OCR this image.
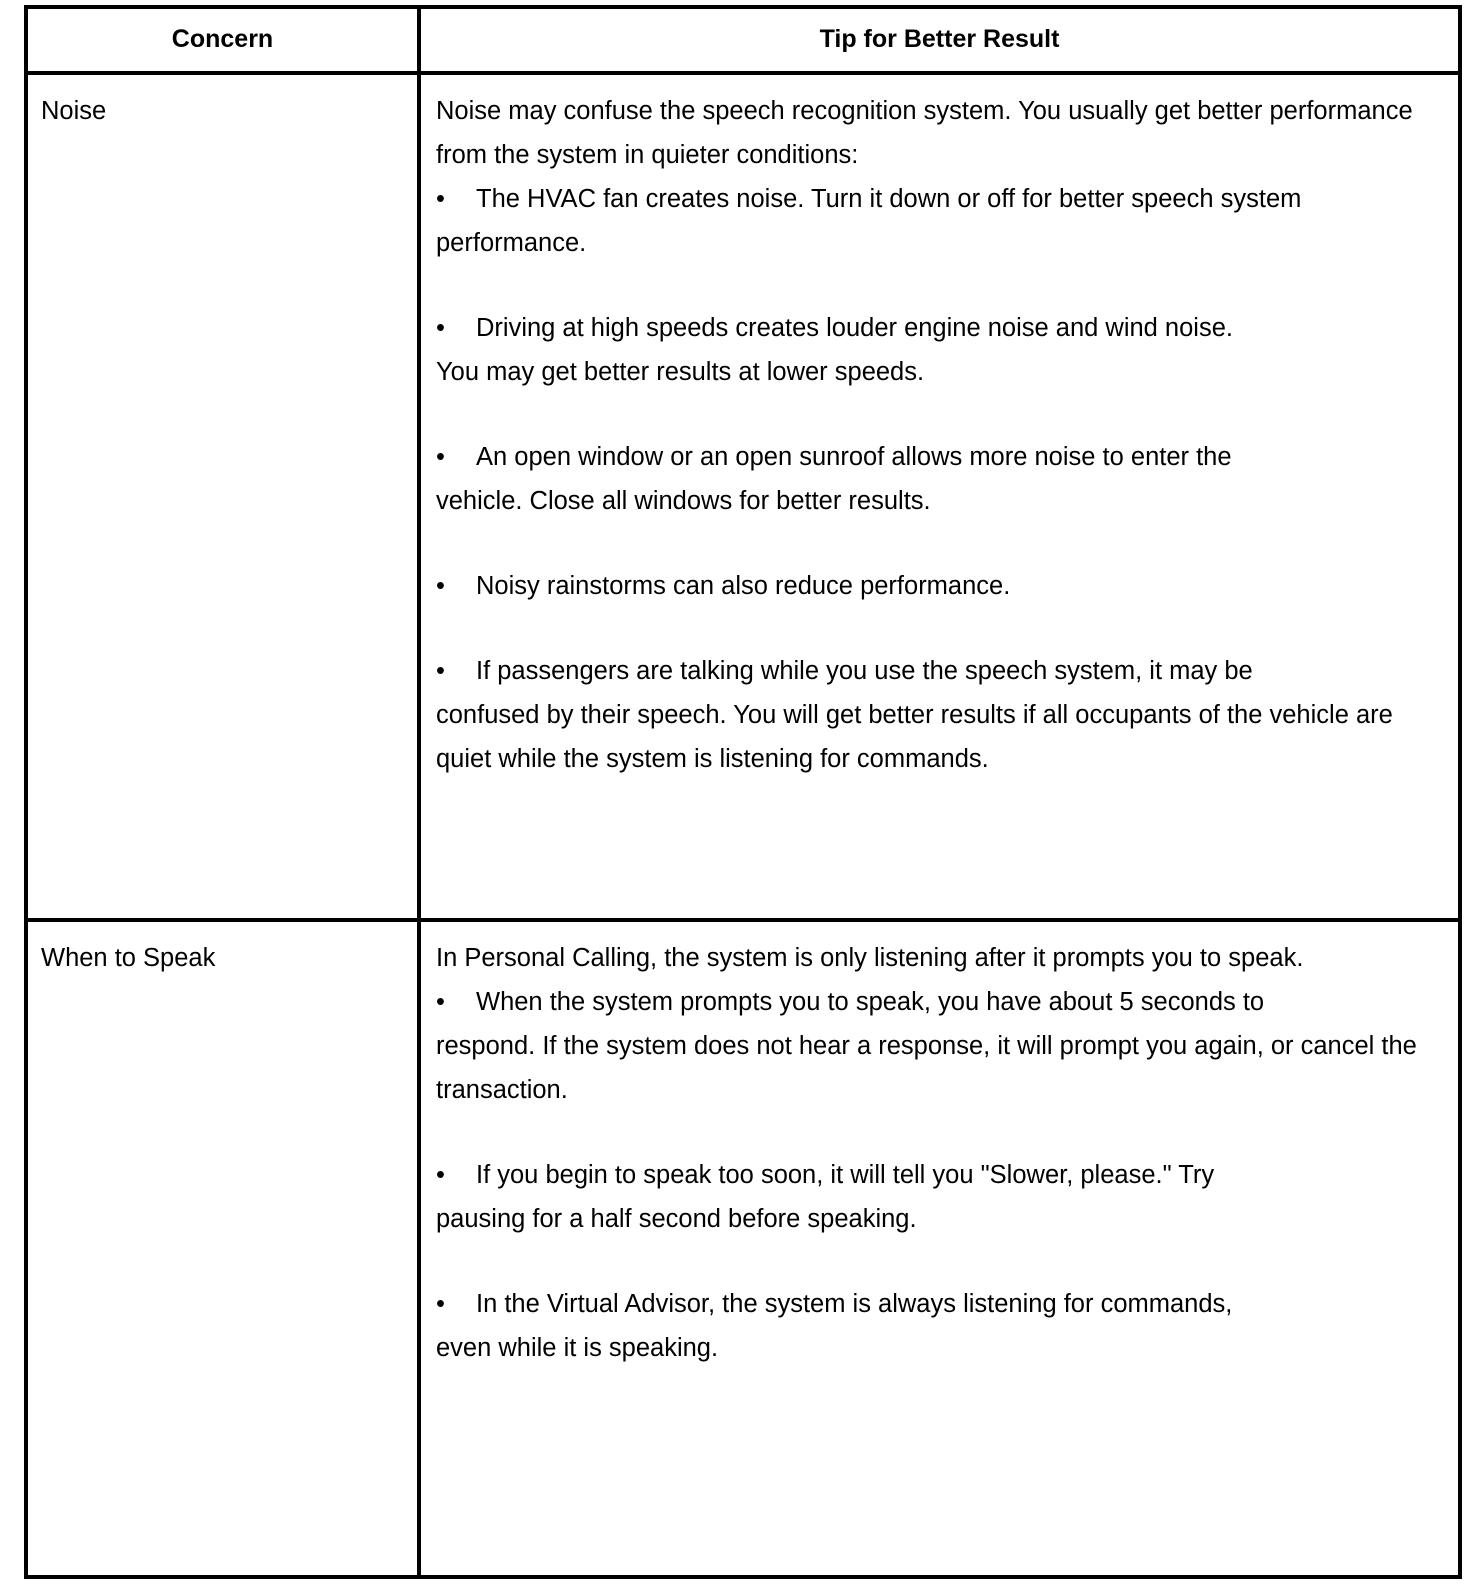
Concern	Tip for Better Result
Noise	Noise may confuse the speech recognition system. You usually get better performance from the system in quieter conditions:

• The HVAC fan creates noise. Turn it down or off for better speech system
performance.

• Driving at high speeds creates louder engine noise and wind noise.
You may get better results at lower speeds.

• An open window or an open sunroof allows more noise to enter the
vehicle. Close all windows for better results.

• Noisy rainstorms can also reduce performance.

• If passengers are talking while you use the speech system, it may be
confused by their speech. You will get better results if all occupants of the vehicle are quiet while the system is listening for commands.

When to Speak	In Personal Calling, the system is only listening after it prompts you to speak.

• When the system prompts you to speak, you have about 5 seconds to
respond. If the system does not hear a response, it will prompt you again, or cancel the transaction.

• If you begin to speak too soon, it will tell you "Slower, please." Try
pausing for a half second before speaking.

• In the Virtual Advisor, the system is always listening for commands,
even while it is speaking.
